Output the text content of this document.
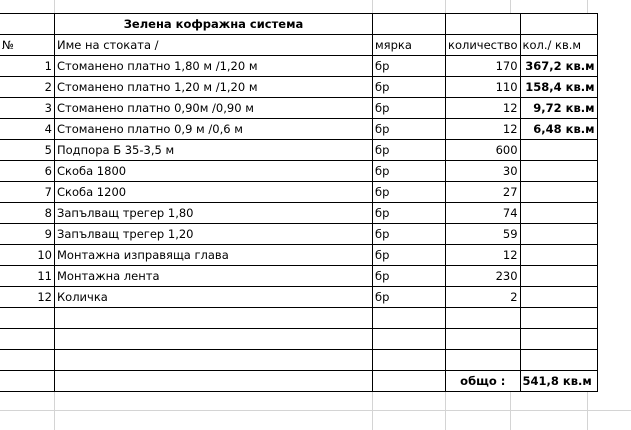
	Зелена кофражна система			
№	Име на стоката /	мярка	количество	кол./ кв.м
1	Стоманено платно 1,80 м /1,20 м	бр	170	367,2 кв.м
2	Стоманено платно 1,20 м /1,20 м	бр	110	158,4 кв.м
3	Стоманено платно 0,90м /0,90 м	бр	12	9,72 кв.м
4	Стоманено платно 0,9 м /0,6 м	бр	12	6,48 кв.м
5	Подпора Б 35-3,5 м	бр	600	
6	Скоба 1800	бр	30	
7	Скоба 1200	бр	27	
8	Запълващ трегер 1,80	бр	74	
9	Запълващ трегер 1,20	бр	59	
10	Монтажна изправяща глава	бр	12	
11	Монтажна лента	бр	230	
12	Количка	бр	2	

			общо :	541,8 кв.м
